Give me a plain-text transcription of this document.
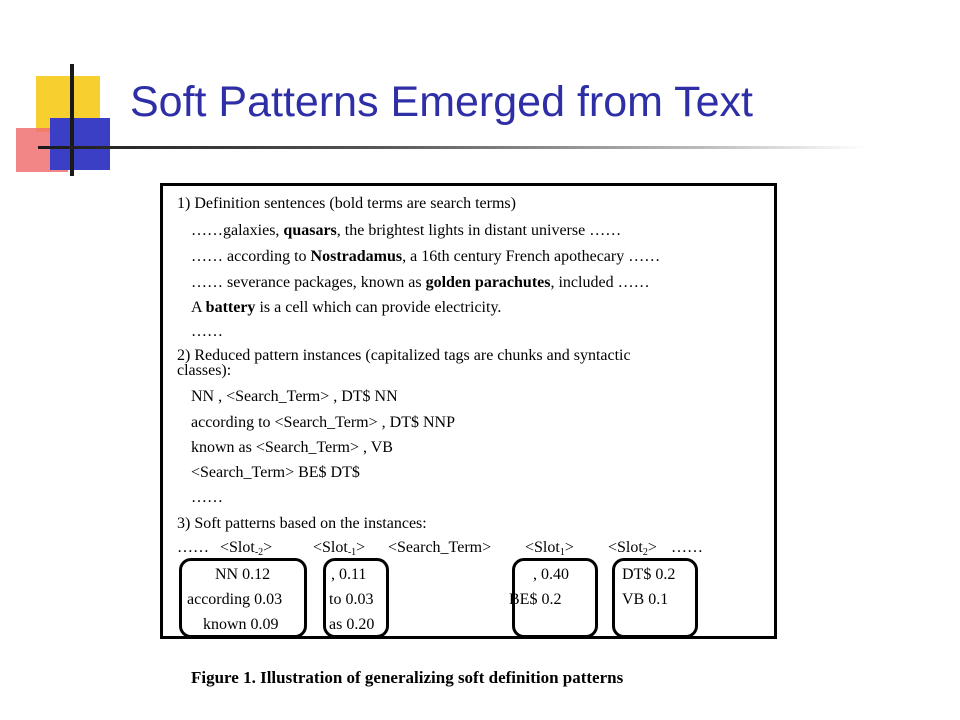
Soft Patterns Emerged from Text
1) Definition sentences (bold terms are search terms)
……galaxies, quasars, the brightest lights in distant universe ……
…… according to Nostradamus, a 16th century French apothecary ……
…… severance packages, known as golden parachutes, included ……
A battery is a cell which can provide electricity.
……
2) Reduced pattern instances (capitalized tags are chunks and syntactic
classes):
NN , <Search_Term> , DT$ NN
according to <Search_Term> , DT$ NNP
known as <Search_Term> , VB
<Search_Term> BE$ DT$
……
3) Soft patterns based on the instances:
…… <Slot$_{-2}$>	<Slot$_{-1}$> <Search_Term> <Slot$_1$> <Slot$_2$> ……
NN 0.12
according 0.03
known 0.09
, 0.11
to 0.03
as 0.20
, 0.40
BE$ 0.2
DT$ 0.2
VB 0.1
Figure 1. Illustration of generalizing soft definition patterns
